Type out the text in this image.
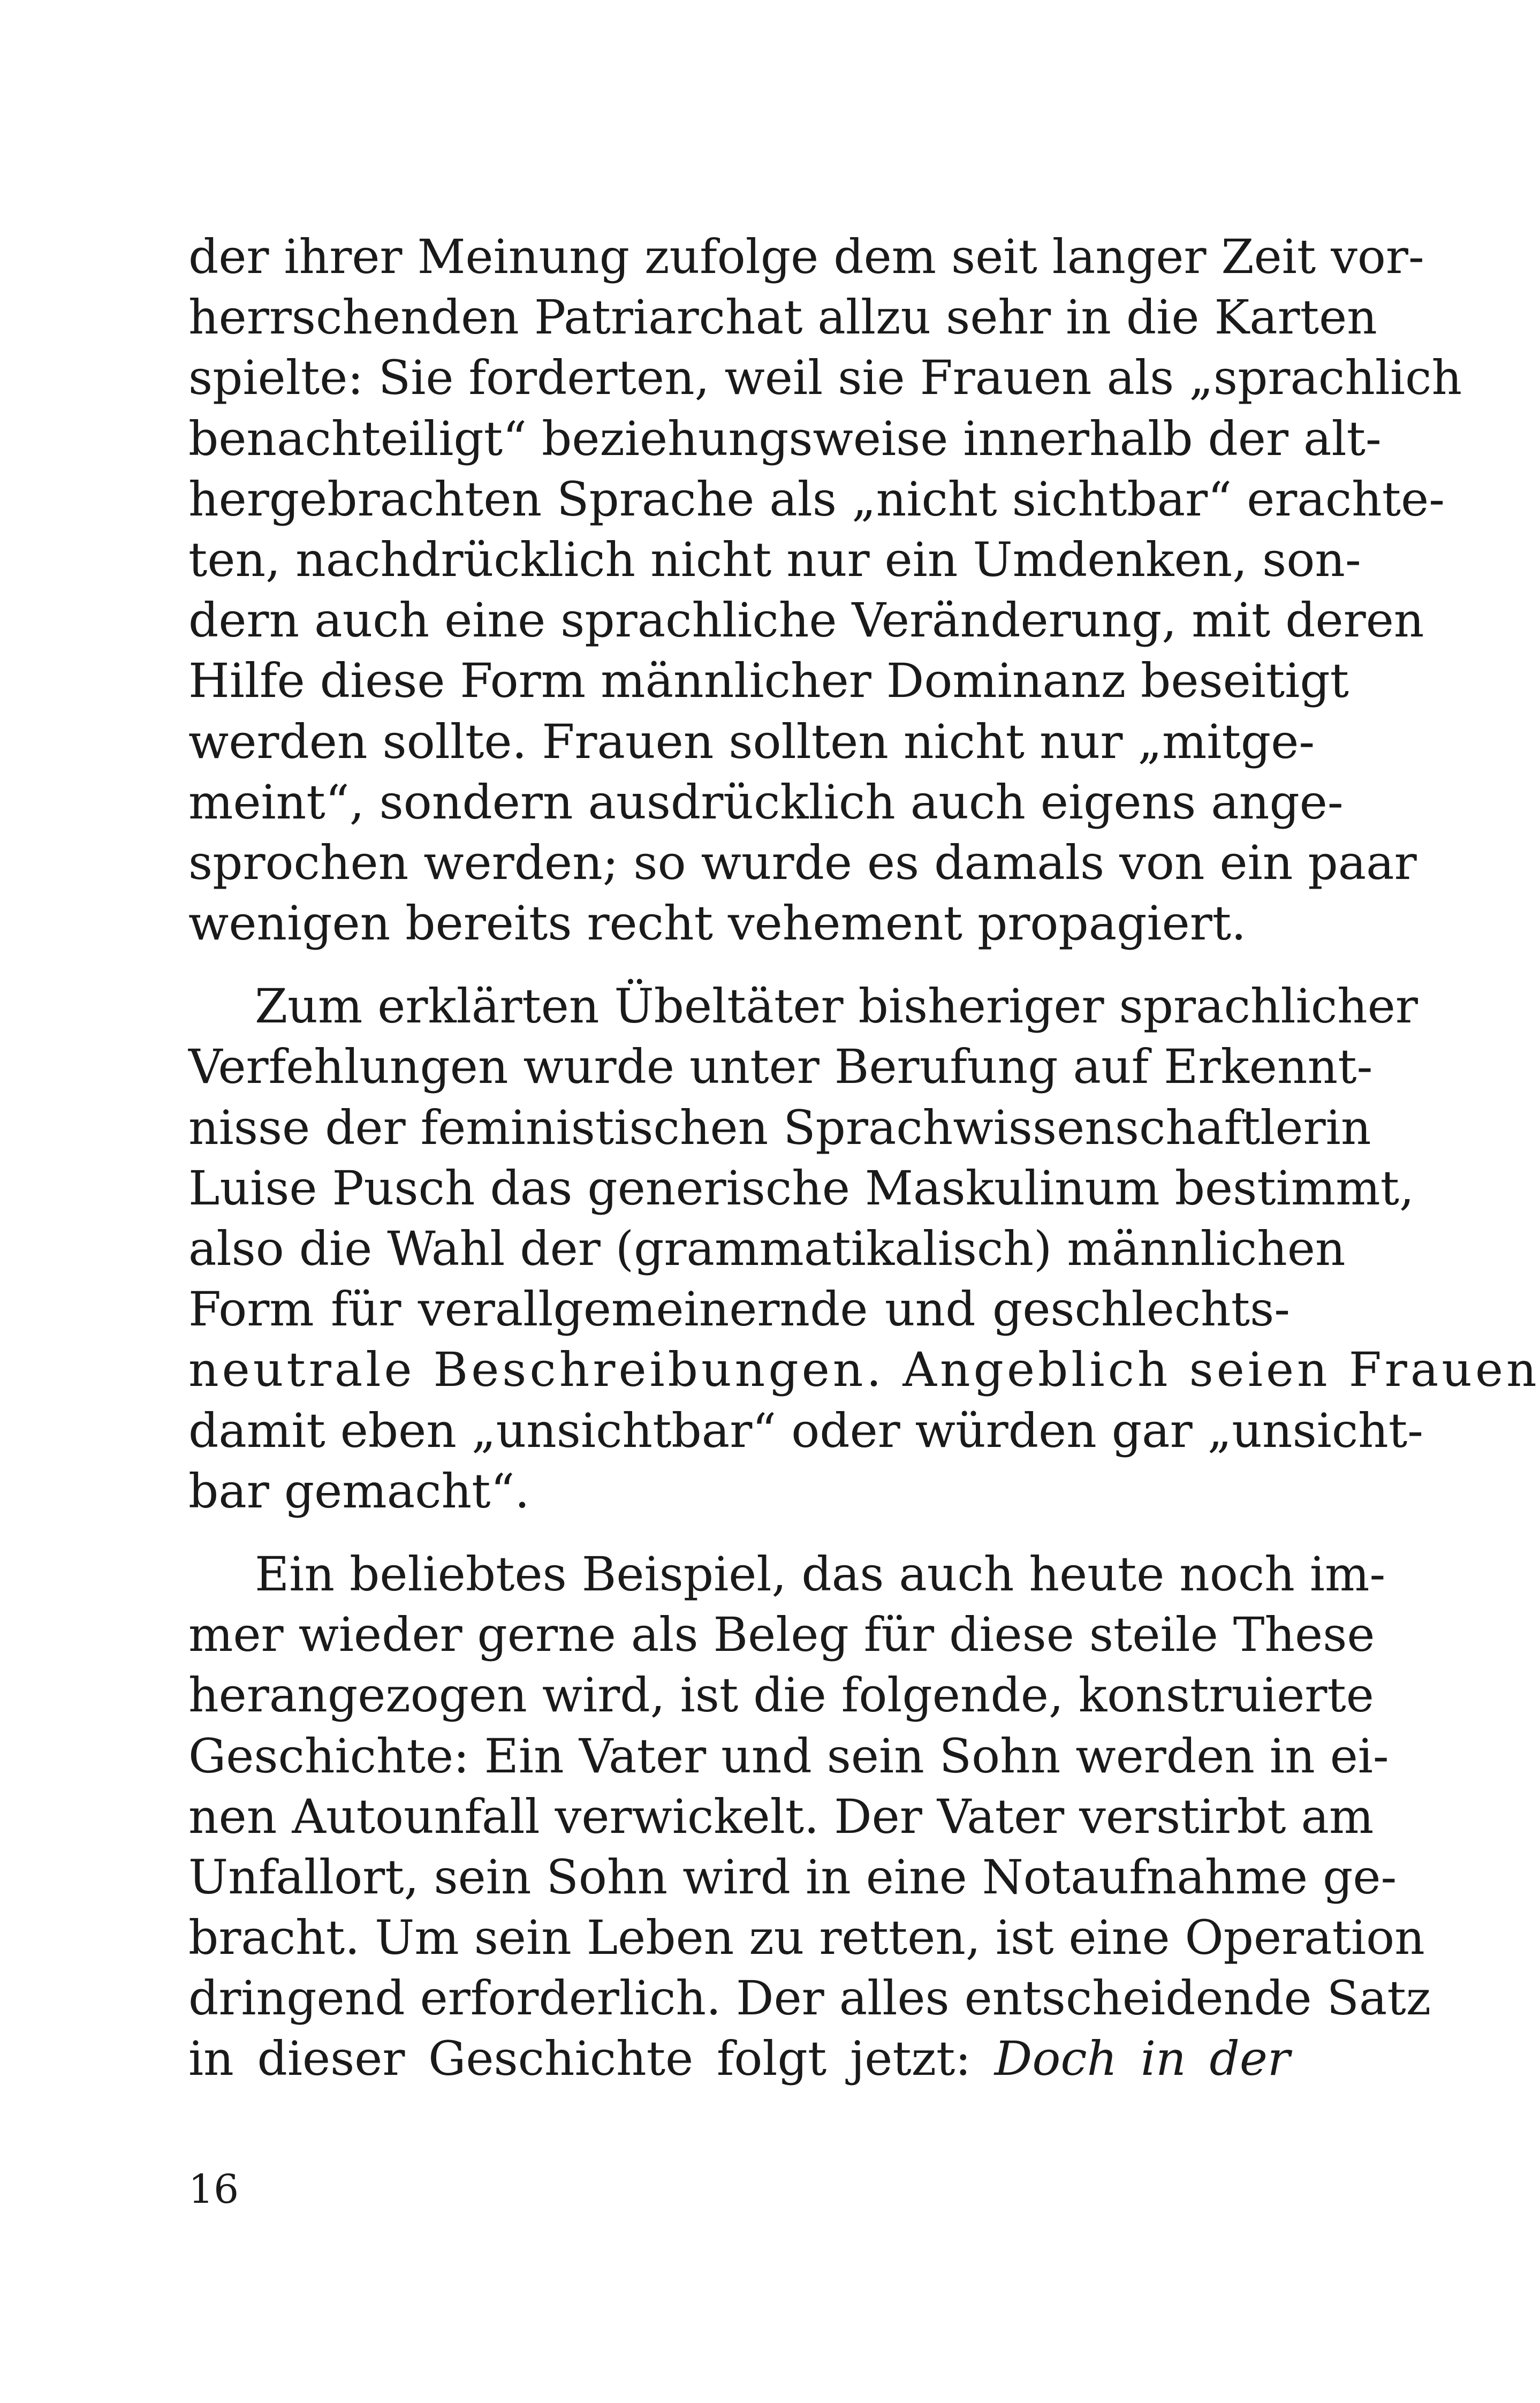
der ihrer Meinung zufolge dem seit langer Zeit vor-
herrschenden Patriarchat allzu sehr in die Karten
spielte: Sie forderten, weil sie Frauen als „sprachlich
benachteiligt“ beziehungsweise innerhalb der alt-
hergebrachten Sprache als „nicht sichtbar“ erachte-
ten, nachdrücklich nicht nur ein Umdenken, son-
dern auch eine sprachliche Veränderung, mit deren
Hilfe diese Form männlicher Dominanz beseitigt
werden sollte. Frauen sollten nicht nur „mitge-
meint“, sondern ausdrücklich auch eigens ange-
sprochen werden; so wurde es damals von ein paar
wenigen bereits recht vehement propagiert.
Zum erklärten Übeltäter bisheriger sprachlicher
Verfehlungen wurde unter Berufung auf Erkennt-
nisse der feministischen Sprachwissenschaftlerin
Luise Pusch das generische Maskulinum bestimmt,
also die Wahl der (grammatikalisch) männlichen
Form für verallgemeinernde und geschlechts-
neutrale Beschreibungen. Angeblich seien Frauen
damit eben „unsichtbar“ oder würden gar „unsicht-
bar gemacht“.
Ein beliebtes Beispiel, das auch heute noch im-
mer wieder gerne als Beleg für diese steile These
herangezogen wird, ist die folgende, konstruierte
Geschichte: Ein Vater und sein Sohn werden in ei-
nen Autounfall verwickelt. Der Vater verstirbt am
Unfallort, sein Sohn wird in eine Notaufnahme ge-
bracht. Um sein Leben zu retten, ist eine Operation
dringend erforderlich. Der alles entscheidende Satz
in dieser Geschichte folgt jetzt: Doch in der
16
